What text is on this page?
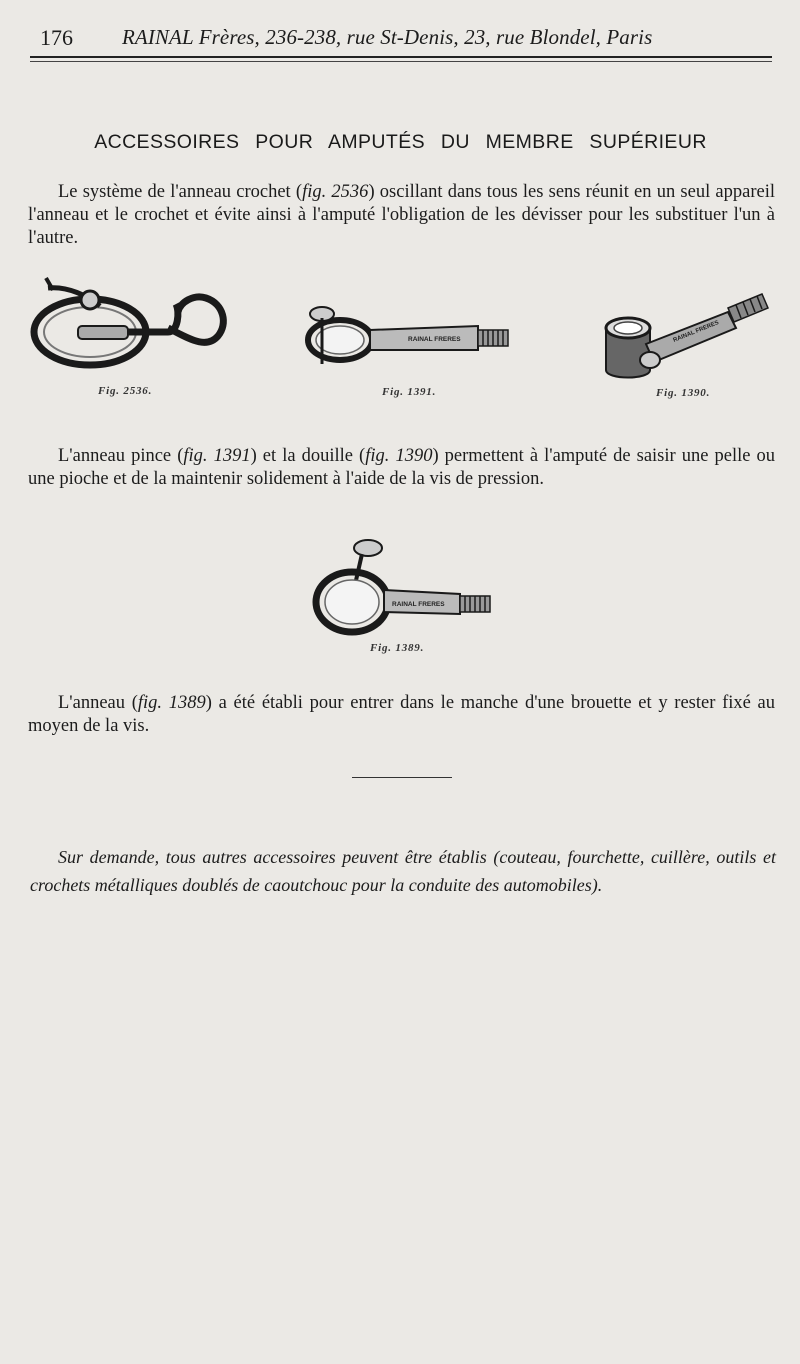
176 RAINAL Frères, 236-238, rue St-Denis, 23, rue Blondel, Paris
ACCESSOIRES POUR AMPUTÉS DU MEMBRE SUPÉRIEUR

Le système de l'anneau crochet (fig. 2536) oscillant dans tous les sens réunit en un seul appareil l'anneau et le crochet et évite ainsi à l'amputé l'obligation de les dévisser pour les substituer l'un à l'autre.

Fig. 2536.
RAINAL FRERES
Fig. 1391.
RAINAL FRERES
Fig. 1390.

L'anneau pince (fig. 1391) et la douille (fig. 1390) permettent à l'amputé de saisir une pelle ou une pioche et de la maintenir solidement à l'aide de la vis de pression.

RAINAL FRERES
Fig. 1389.

L'anneau (fig. 1389) a été établi pour entrer dans le manche d'une brouette et y rester fixé au moyen de la vis.

Sur demande, tous autres accessoires peuvent être établis (couteau, fourchette, cuillère, outils et crochets métalliques doublés de caoutchouc pour la conduite des automobiles).
